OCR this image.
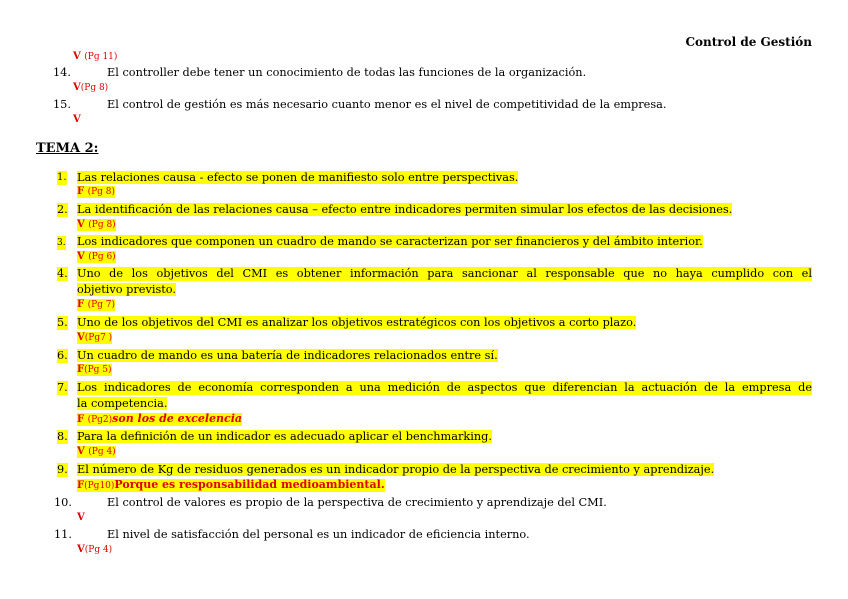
Control de Gestión
V (Pg 11)
14.	El controller debe tener un conocimiento de todas las funciones de la organización.
V(Pg 8)
15.	El control de gestión es más necesario cuanto menor es el nivel de competitividad de la empresa.
V
TEMA 2:
1. Las relaciones causa - efecto se ponen de manifiesto solo entre perspectivas.
F (Pg 8)
2. La identificación de las relaciones causa – efecto entre indicadores permiten simular los efectos de las decisiones.
V (Pg 8)
3. Los indicadores que componen un cuadro de mando se caracterizan por ser financieros y del ámbito interior.
V (Pg 6)
4. Uno de los objetivos del CMI es obtener información para sancionar al responsable que no haya cumplido con el
objetivo previsto.
F (Pg 7)
5. Uno de los objetivos del CMI es analizar los objetivos estratégicos con los objetivos a corto plazo.
V(Pg7 )
6. Un cuadro de mando es una batería de indicadores relacionados entre sí.
F(Pg 5)
7. Los indicadores de economía corresponden a una medición de aspectos que diferencian la actuación de la empresa de
la competencia.
F (Pg2)son los de excelencia
8. Para la definición de un indicador es adecuado aplicar el benchmarking.
V (Pg 4)
9. El número de Kg de residuos generados es un indicador propio de la perspectiva de crecimiento y aprendizaje.
F(Pg10)Porque es responsabilidad medioambiental.
10.	El control de valores es propio de la perspectiva de crecimiento y aprendizaje del CMI.
V
11.	El nivel de satisfacción del personal es un indicador de eficiencia interno.
V(Pg 4)
